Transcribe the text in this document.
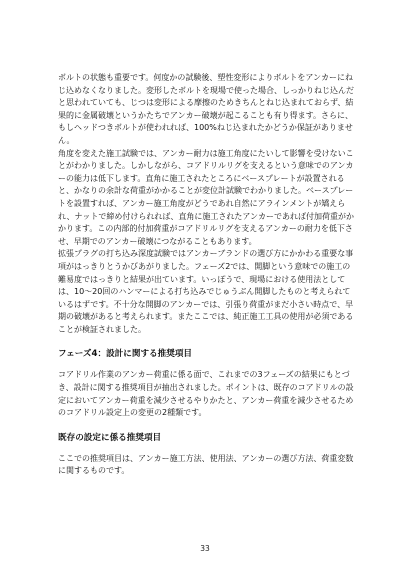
ボルトの状態も重要です。何度かの試験後、塑性変形によりボルトをアンカーにねじ込めなくなりました。変形したボルトを現場で使った場合、しっかりねじ込んだと思われていても、じつは変形による摩擦のためきちんとねじ込まれておらず、結果的に金属破壊というかたちでアンカー破壊が起こることも有り得ます。さらに、もしヘッドつきボルトが使われれば、100%ねじ込まれたかどうか保証がありません。

角度を変えた施工試験では、アンカー耐力は施工角度にたいして影響を受けないことがわかりました。しかしながら、コアドリルリグを支えるという意味でのアンカーの能力は低下します。直角に施工されたところにベースプレートが設置されると、かなりの余計な荷重がかかることが変位計試験でわかりました。ベースプレートを設置すれば、アンカー施工角度がどうであれ自然にアラインメントが矯えられ、ナットで締め付けられれば、直角に施工されたアンカーであれば付加荷重がかかります。この内部的付加荷重がコアドリルリグを支えるアンカーの耐力を低下させ、早期でのアンカー破壊につながることもあります。

拡張プラグの打ち込み深度試験ではアンカーブランドの選び方にかかわる重要な事項がはっきりとうかびあがりました。フェーズ2では、開脚という意味での施工の難易度ではっきりと結果が出ています。いっぽうで、現場における使用法としては、10～20回のハンマーによる打ち込みでじゅうぶん開脚したものと考えられているはずです。不十分な開脚のアンカーでは、引張り荷重がまだ小さい時点で、早期の破壊があると考えられます。またここでは、純正施工工具の使用が必須であることが検証されました。

フェーズ4：設計に関する推奨項目

コアドリル作業のアンカー荷重に係る面で、これまでの3フェーズの結果にもとづき、設計に関する推奨項目が抽出されました。ポイントは、既存のコアドリルの設定においてアンカー荷重を減少させるやりかたと、アンカー荷重を減少させるためのコアドリル設定上の変更の2種類です。

既存の設定に係る推奨項目

ここでの推奨項目は、アンカー施工方法、使用法、アンカーの選び方法、荷重変数に関するものです。

33
